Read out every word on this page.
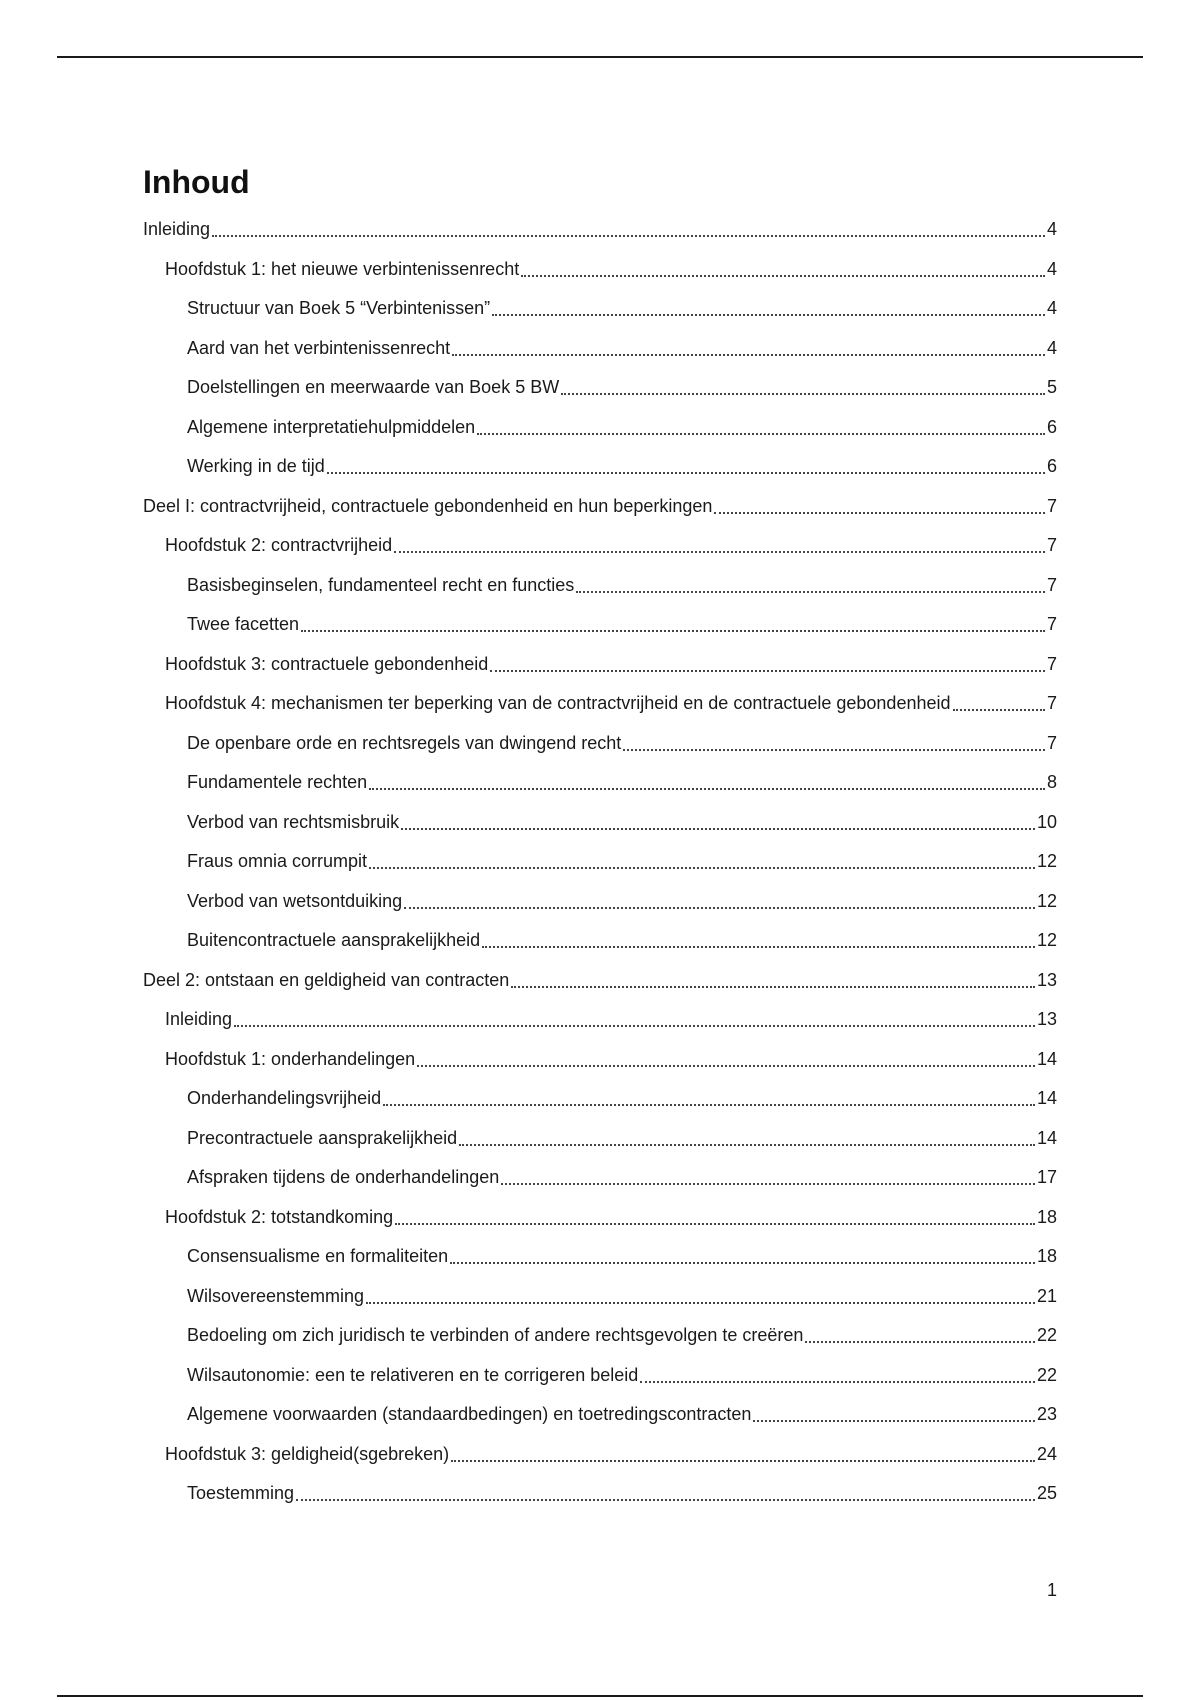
Inhoud
Inleiding	4
Hoofdstuk 1: het nieuwe verbintenissenrecht	4
Structuur van Boek 5 “Verbintenissen”	4
Aard van het verbintenissenrecht	4
Doelstellingen en meerwaarde van Boek 5 BW	5
Algemene interpretatiehulpmiddelen	6
Werking in de tijd	6
Deel I: contractvrijheid, contractuele gebondenheid en hun beperkingen	7
Hoofdstuk 2: contractvrijheid	7
Basisbeginselen, fundamenteel recht en functies	7
Twee facetten	7
Hoofdstuk 3: contractuele gebondenheid	7
Hoofdstuk 4: mechanismen ter beperking van de contractvrijheid en de contractuele gebondenheid	7
De openbare orde en rechtsregels van dwingend recht	7
Fundamentele rechten	8
Verbod van rechtsmisbruik	10
Fraus omnia corrumpit	12
Verbod van wetsontduiking	12
Buitencontractuele aansprakelijkheid	12
Deel 2: ontstaan en geldigheid van contracten	13
Inleiding	13
Hoofdstuk 1: onderhandelingen	14
Onderhandelingsvrijheid	14
Precontractuele aansprakelijkheid	14
Afspraken tijdens de onderhandelingen	17
Hoofdstuk 2: totstandkoming	18
Consensualisme en formaliteiten	18
Wilsovereenstemming	21
Bedoeling om zich juridisch te verbinden of andere rechtsgevolgen te creëren	22
Wilsautonomie: een te relativeren en te corrigeren beleid	22
Algemene voorwaarden (standaardbedingen) en toetredingscontracten	23
Hoofdstuk 3: geldigheid(sgebreken)	24
Toestemming	25
1
